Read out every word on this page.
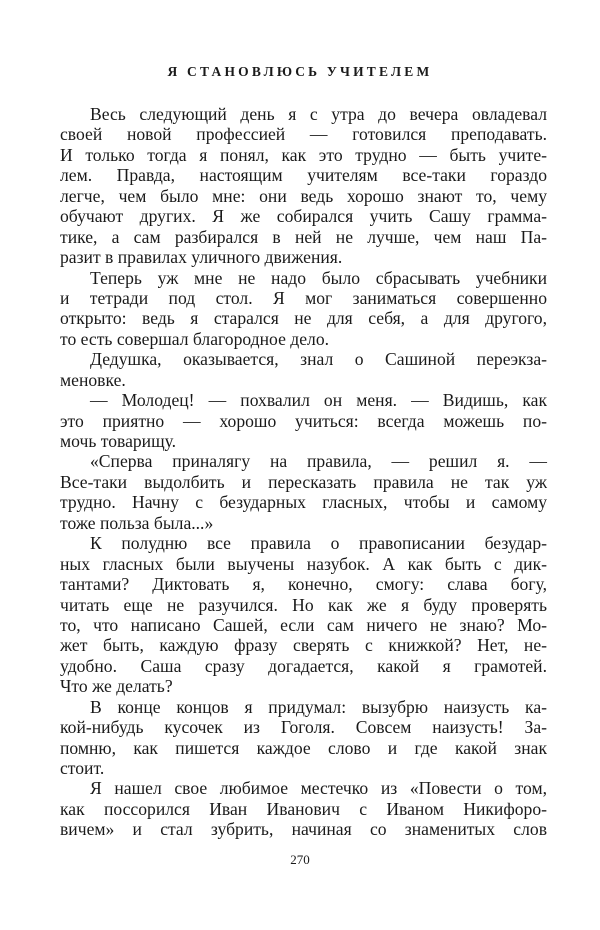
Я СТАНОВЛЮСЬ УЧИТЕЛЕМ
Весь следующий день я с утра до вечера овладевал
своей новой профессией — готовился преподавать.
И только тогда я понял, как это трудно — быть учите-
лем. Правда, настоящим учителям все-таки гораздо
легче, чем было мне: они ведь хорошо знают то, чему
обучают других. Я же собирался учить Сашу грамма-
тике, а сам разбирался в ней не лучше, чем наш Па-
разит в правилах уличного движения.
Теперь уж мне не надо было сбрасывать учебники
и тетради под стол. Я мог заниматься совершенно
открыто: ведь я старался не для себя, а для другого,
то есть совершал благородное дело.
Дедушка, оказывается, знал о Сашиной переэкза-
меновке.
— Молодец! — похвалил он меня. — Видишь, как
это приятно — хорошо учиться: всегда можешь по-
мочь товарищу.
«Сперва приналягу на правила, — решил я. —
Все-таки выдолбить и пересказать правила не так уж
трудно. Начну с безударных гласных, чтобы и самому
тоже польза была...»
К полудню все правила о правописании безудар-
ных гласных были выучены назубок. А как быть с дик-
тантами? Диктовать я, конечно, смогу: слава богу,
читать еще не разучился. Но как же я буду проверять
то, что написано Сашей, если сам ничего не знаю? Мо-
жет быть, каждую фразу сверять с книжкой? Нет, не-
удобно. Саша сразу догадается, какой я грамотей.
Что же делать?
В конце концов я придумал: вызубрю наизусть ка-
кой-нибудь кусочек из Гоголя. Совсем наизусть! За-
помню, как пишется каждое слово и где какой знак
стоит.
Я нашел свое любимое местечко из «Повести о том,
как поссорился Иван Иванович с Иваном Никифоро-
вичем» и стал зубрить, начиная со знаменитых слов
270
